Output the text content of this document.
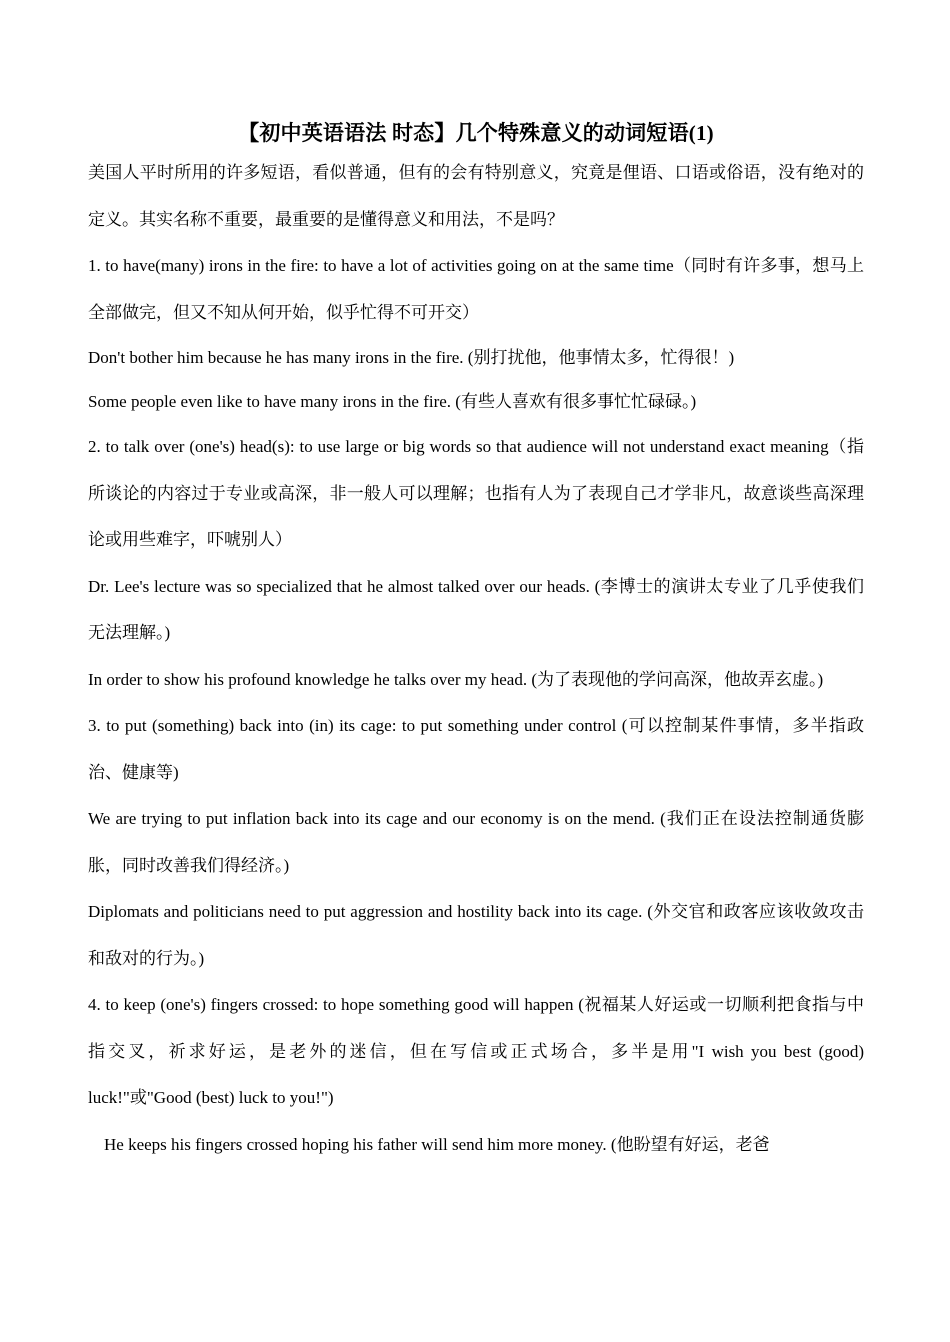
【初中英语语法 时态】几个特殊意义的动词短语(1)

美国人平时所用的许多短语，看似普通，但有的会有特别意义，究竟是俚语、口语或俗语，没有绝对的定义。其实名称不重要，最重要的是懂得意义和用法，不是吗？

1. to have(many) irons in the fire: to have a lot of activities going on at the same time（同时有许多事，想马上全部做完，但又不知从何开始，似乎忙得不可开交）

Don't bother him because he has many irons in the fire. (别打扰他，他事情太多，忙得很！)

Some people even like to have many irons in the fire. (有些人喜欢有很多事忙忙碌碌。)

2. to talk over (one's) head(s): to use large or big words so that audience will not understand exact meaning（指所谈论的内容过于专业或高深，非一般人可以理解；也指有人为了表现自己才学非凡，故意谈些高深理论或用些难字，吓唬别人）

Dr. Lee's lecture was so specialized that he almost talked over our heads. (李博士的演讲太专业了几乎使我们无法理解。)

In order to show his profound knowledge he talks over my head. (为了表现他的学问高深，他故弄玄虚。)

3. to put (something) back into (in) its cage: to put something under control (可以控制某件事情，多半指政治、健康等)

We are trying to put inflation back into its cage and our economy is on the mend. (我们正在设法控制通货膨胀，同时改善我们得经济。)

Diplomats and politicians need to put aggression and hostility back into its cage. (外交官和政客应该收敛攻击和敌对的行为。)

4. to keep (one's) fingers crossed: to hope something good will happen (祝福某人好运或一切顺利把食指与中指交叉，祈求好运，是老外的迷信，但在写信或正式场合，多半是用"I wish you best (good) luck!"或"Good (best) luck to you!")

He keeps his fingers crossed hoping his father will send him more money. (他盼望有好运，老爸
